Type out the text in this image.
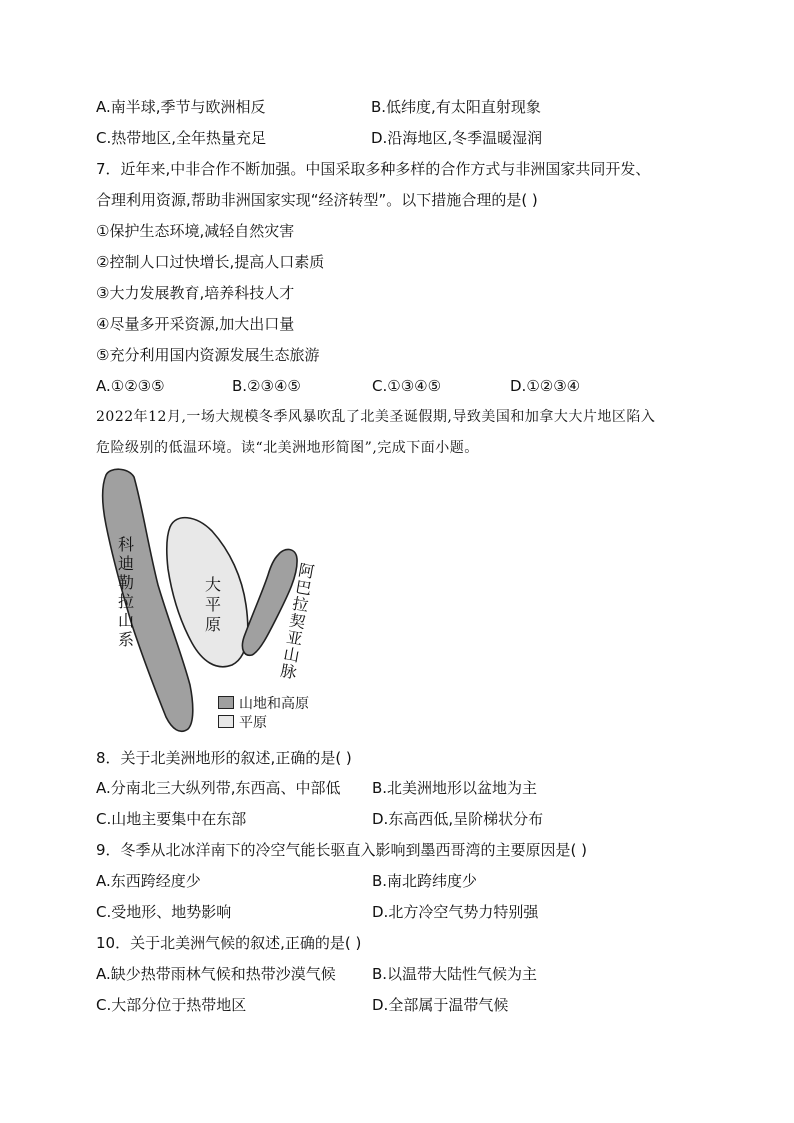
A.南半球,季节与欧洲相反	B.低纬度,有太阳直射现象
C.热带地区,全年热量充足	D.沿海地区,冬季温暖湿润
7．近年来,中非合作不断加强。中国采取多种多样的合作方式与非洲国家共同开发、
合理利用资源,帮助非洲国家实现“经济转型”。以下措施合理的是( )
①保护生态环境,减轻自然灾害
②控制人口过快增长,提高人口素质
③大力发展教育,培养科技人才
④尽量多开采资源,加大出口量
⑤充分利用国内资源发展生态旅游
A.①②③⑤	B.②③④⑤	C.①③④⑤	D.①②③④
2022年12月,一场大规模冬季风暴吹乱了北美圣诞假期,导致美国和加拿大大片地区陷入
危险级别的低温环境。读“北美洲地形简图”,完成下面小题。
科
迪
勒
拉
山
系
大
平
原
阿
巴
拉
契
亚
山
脉
山地和高原
平原
8．关于北美洲地形的叙述,正确的是( )
A.分南北三大纵列带,东西高、中部低 B.北美洲地形以盆地为主
C.山地主要集中在东部	D.东高西低,呈阶梯状分布
9．冬季从北冰洋南下的冷空气能长驱直入影响到墨西哥湾的主要原因是( )
A.东西跨经度少	B.南北跨纬度少
C.受地形、地势影响	D.北方冷空气势力特别强
10．关于北美洲气候的叙述,正确的是( )
A.缺少热带雨林气候和热带沙漠气候 B.以温带大陆性气候为主
C.大部分位于热带地区	D.全部属于温带气候
